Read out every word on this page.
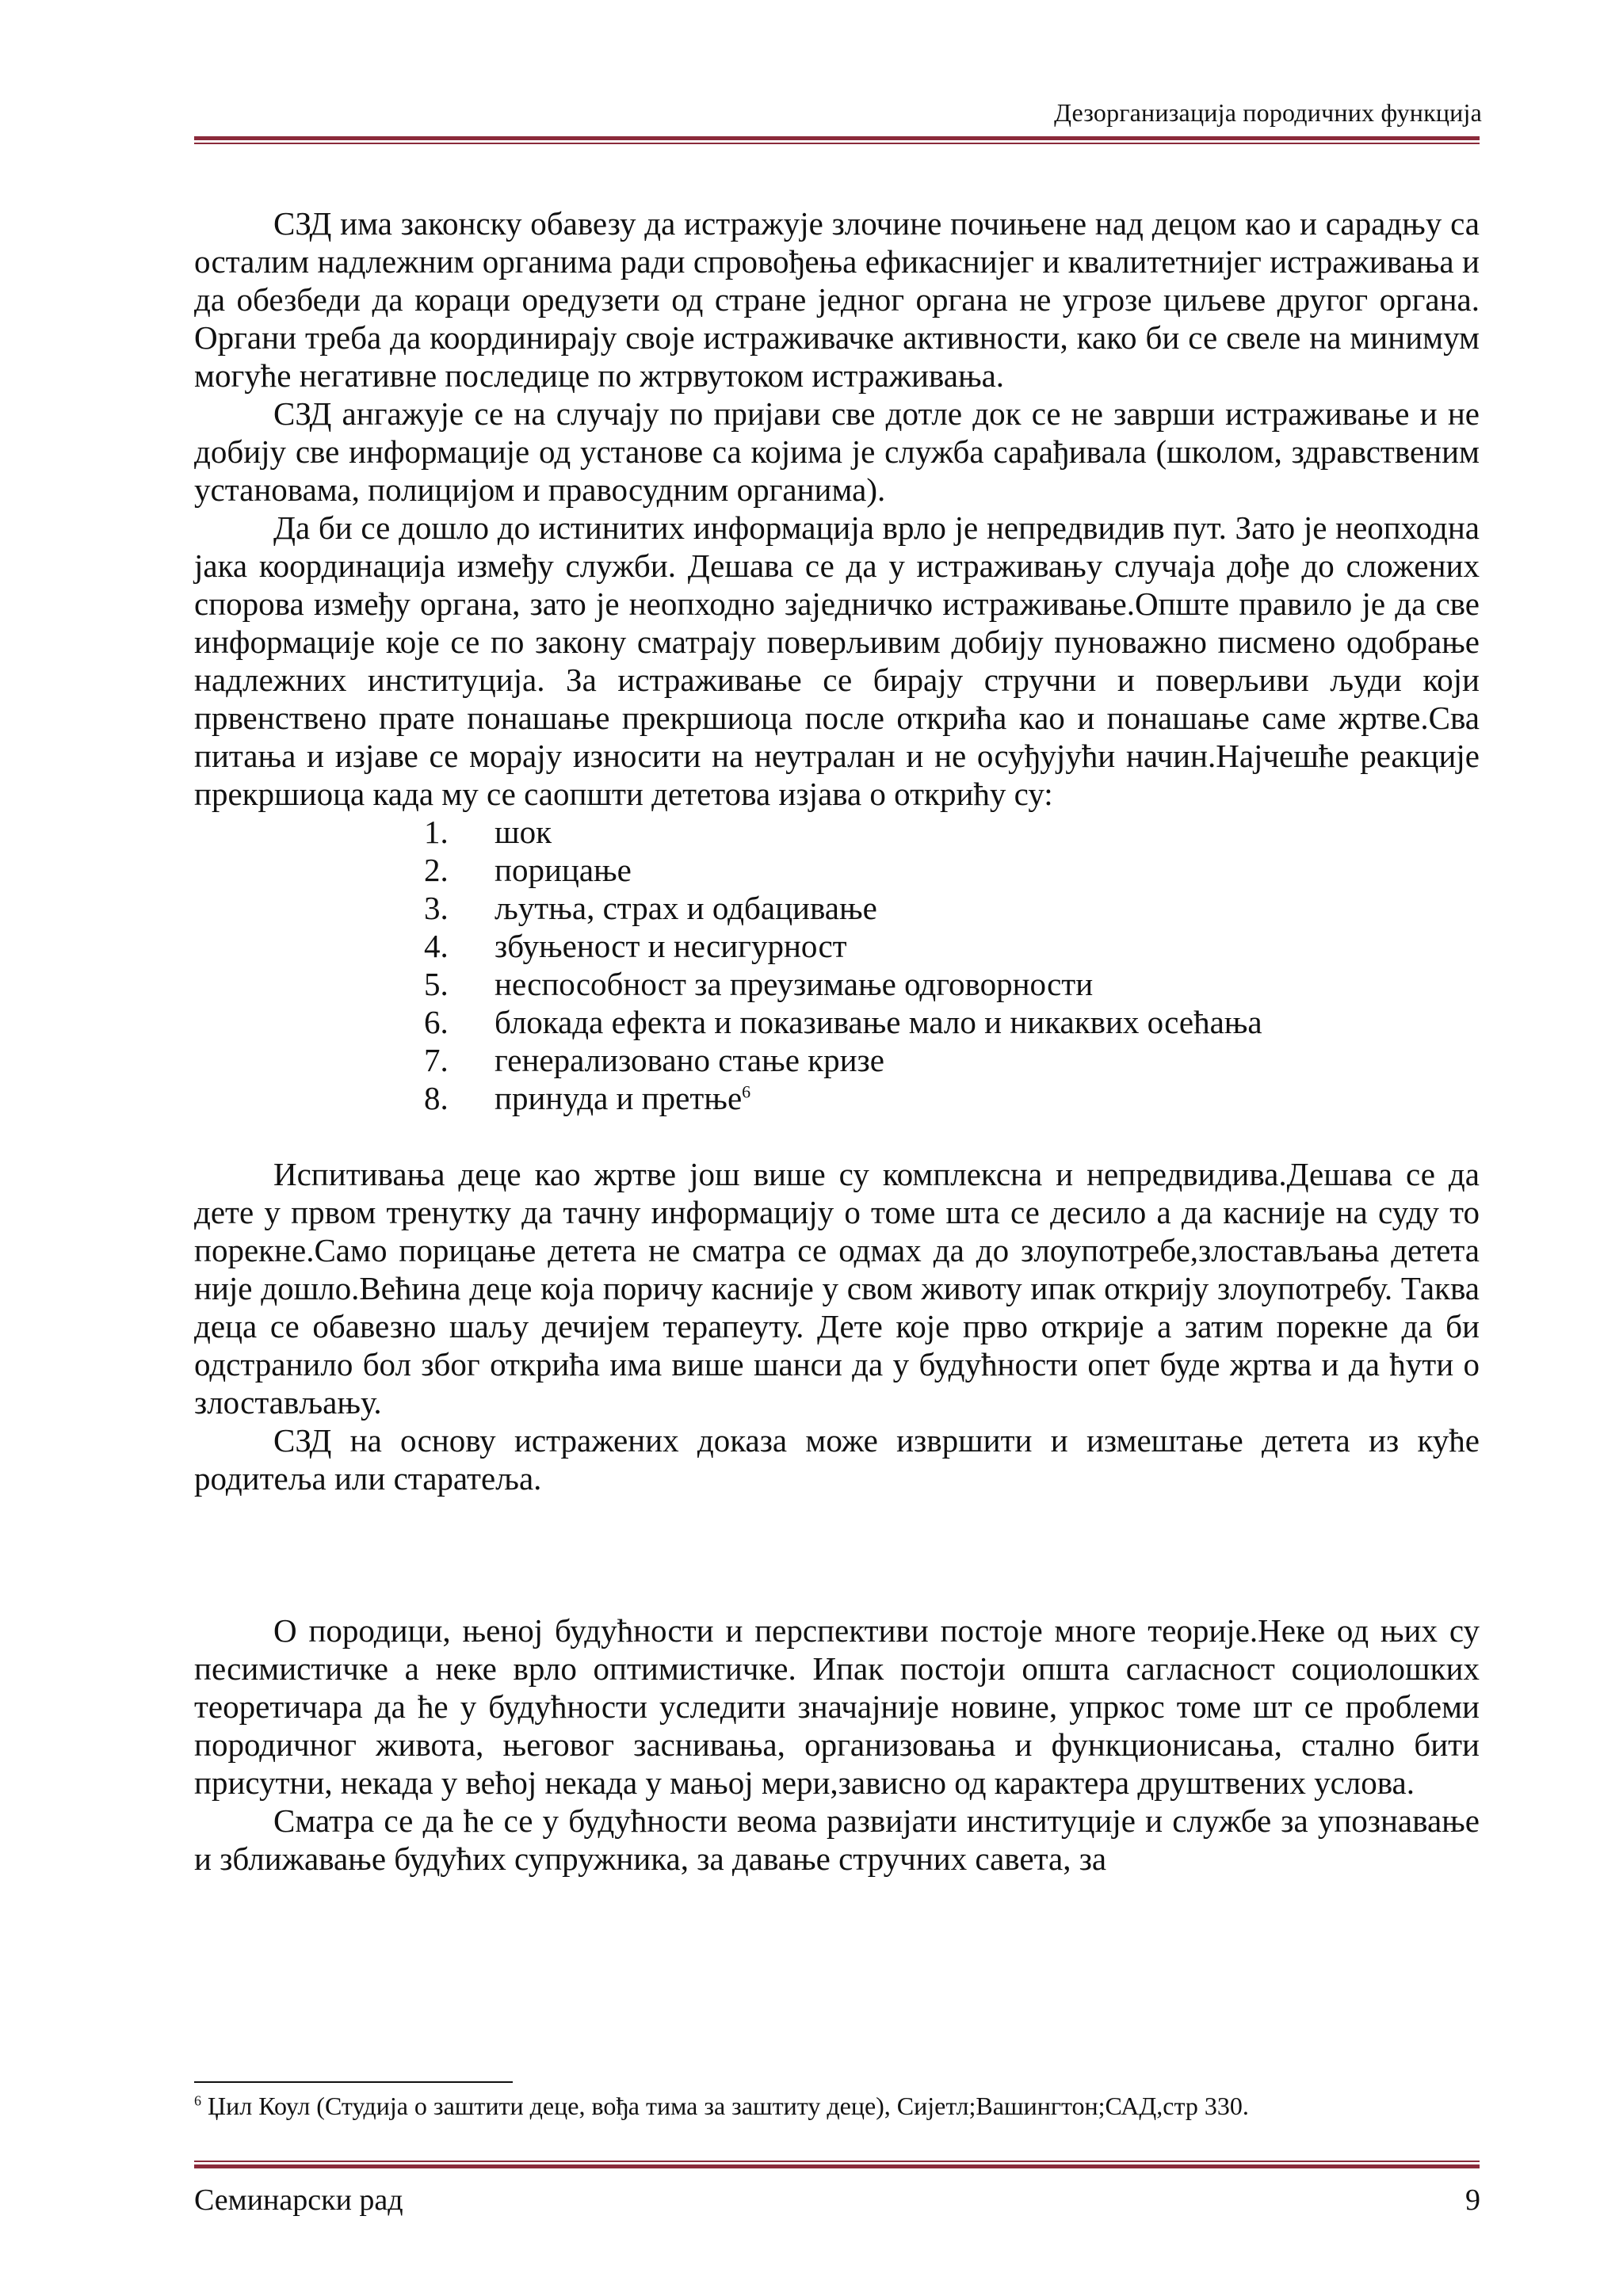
Дезорганизација породичних функција

СЗД има законску обавезу да истражује злочине почињене над децом као и сарадњу са осталим надлежним органима ради спровођења ефикаснијег и квалитетнијег истраживања и да обезбеди да кораци оредузети од стране једног органа не угрозе циљеве другог органа. Органи треба да координирају своје истраживачке активности, како би се свеле на минимум могуће негативне последице по жтрвутоком истраживања.

СЗД ангажује се на случају по пријави све дотле док се не заврши истраживање и не добију све информације од установе са којима је служба сарађивала (школом, здравственим установама, полицијом и правосудним органима).

Да би се дошло до истинитих информација врло је непредвидив пут. Зато је неопходна јака координација између служби. Дешава се да у истраживању случаја дође до сложених спорова између органа, зато је неопходно заједничко истраживање.Опште правило је да све информације које се по закону сматрају поверљивим добију пуноважно писмено одобрање надлежних институција. За истраживање се бирају стручни и поверљиви људи који првенствено прате понашање прекршиоца после открића као и понашање саме жртве.Сва питања и изјаве се морају износити на неутралан и не осуђујући начин.Најчешће реакције прекршиоца када му се саопшти дететова изјава о открићу су:

1. шок
2. порицање
3. љутња, страх и одбацивање
4. збуњеност и несигурност
5. неспособност за преузимање одговорности
6. блокада ефекта и показивање мало и никаквих осећања
7. генерализовано стање кризе
8. принуда и претње$^6$

Испитивања деце као жртве још више су комплексна и непредвидива.Дешава се да дете у првом тренутку да тачну информацију о томе шта се десило а да касније на суду то порекне.Само порицање детета не сматра се одмах да до злоупотребе,злостављања детета није дошло.Већина деце која поричу касније у свом животу ипак открију злоупотребу. Таква деца се обавезно шаљу дечијем терапеуту. Дете које прво открије а затим порекне да би одстранило бол због открића има више шанси да у будућности опет буде жртва и да ћути о злостављању.

СЗД на основу истражених доказа може извршити и измештање детета из куће родитеља или старатеља.

О породици, њеној будућности и перспективи постоје многе теорије.Неке од њих су песимистичке а неке врло оптимистичке. Ипак постоји општа сагласност социолошких теоретичара да ће у будућности уследити значајније новине, упркос томе шт се проблеми породичног живота, његовог заснивања, организовања и функционисања, стално бити присутни, некада у већој некада у мањој мери,зависно од карактера друштвених услова.

Сматра се да ће се у будућности веома развијати институције и службе за упознавање и зближавање будућих супружника, за давање стручних савета, за

$^6$ Џил Коул (Студија о заштити деце, вођа тима за заштиту деце), Сијетл;Вашингтон;САД,стр 330.
Семинарски рад	9
